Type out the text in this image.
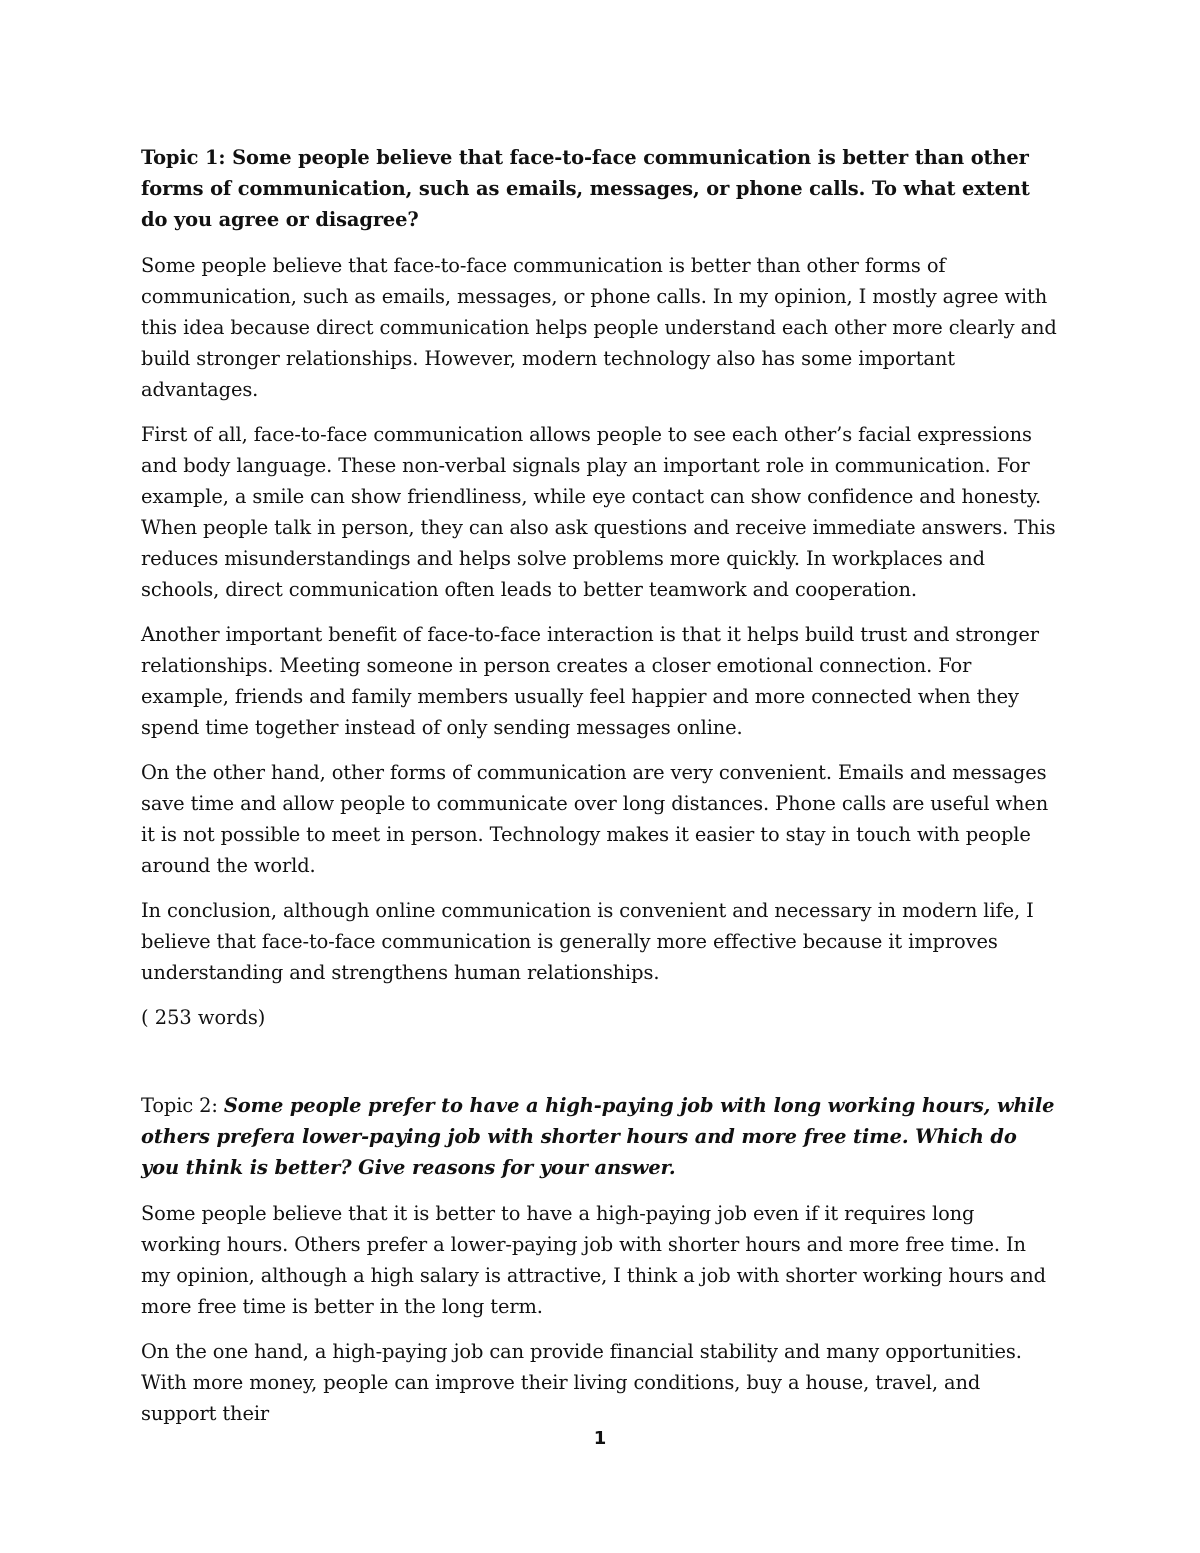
Topic 1: Some people believe that face-to-face communication is better than other forms of communication, such as emails, messages, or phone calls. To what extent do you agree or disagree?

Some people believe that face-to-face communication is better than other forms of communication, such as emails, messages, or phone calls. In my opinion, I mostly agree with this idea because direct communication helps people understand each other more clearly and build stronger relationships. However, modern technology also has some important advantages.

First of all, face-to-face communication allows people to see each other’s facial expressions and body language. These non-verbal signals play an important role in communication. For example, a smile can show friendliness, while eye contact can show confidence and honesty. When people talk in person, they can also ask questions and receive immediate answers. This reduces misunderstandings and helps solve problems more quickly. In workplaces and schools, direct communication often leads to better teamwork and cooperation.

Another important benefit of face-to-face interaction is that it helps build trust and stronger relationships. Meeting someone in person creates a closer emotional connection. For example, friends and family members usually feel happier and more connected when they spend time together instead of only sending messages online.

On the other hand, other forms of communication are very convenient. Emails and messages save time and allow people to communicate over long distances. Phone calls are useful when it is not possible to meet in person. Technology makes it easier to stay in touch with people around the world.

In conclusion, although online communication is convenient and necessary in modern life, I believe that face-to-face communication is generally more effective because it improves understanding and strengthens human relationships.

( 253 words)

Topic 2: Some people prefer to have a high-paying job with long working hours, while others prefera lower-paying job with shorter hours and more free time. Which do you think is better? Give reasons for your answer.

Some people believe that it is better to have a high-paying job even if it requires long working hours. Others prefer a lower-paying job with shorter hours and more free time. In my opinion, although a high salary is attractive, I think a job with shorter working hours and more free time is better in the long term.

On the one hand, a high-paying job can provide financial stability and many opportunities. With more money, people can improve their living conditions, buy a house, travel, and support their

1
